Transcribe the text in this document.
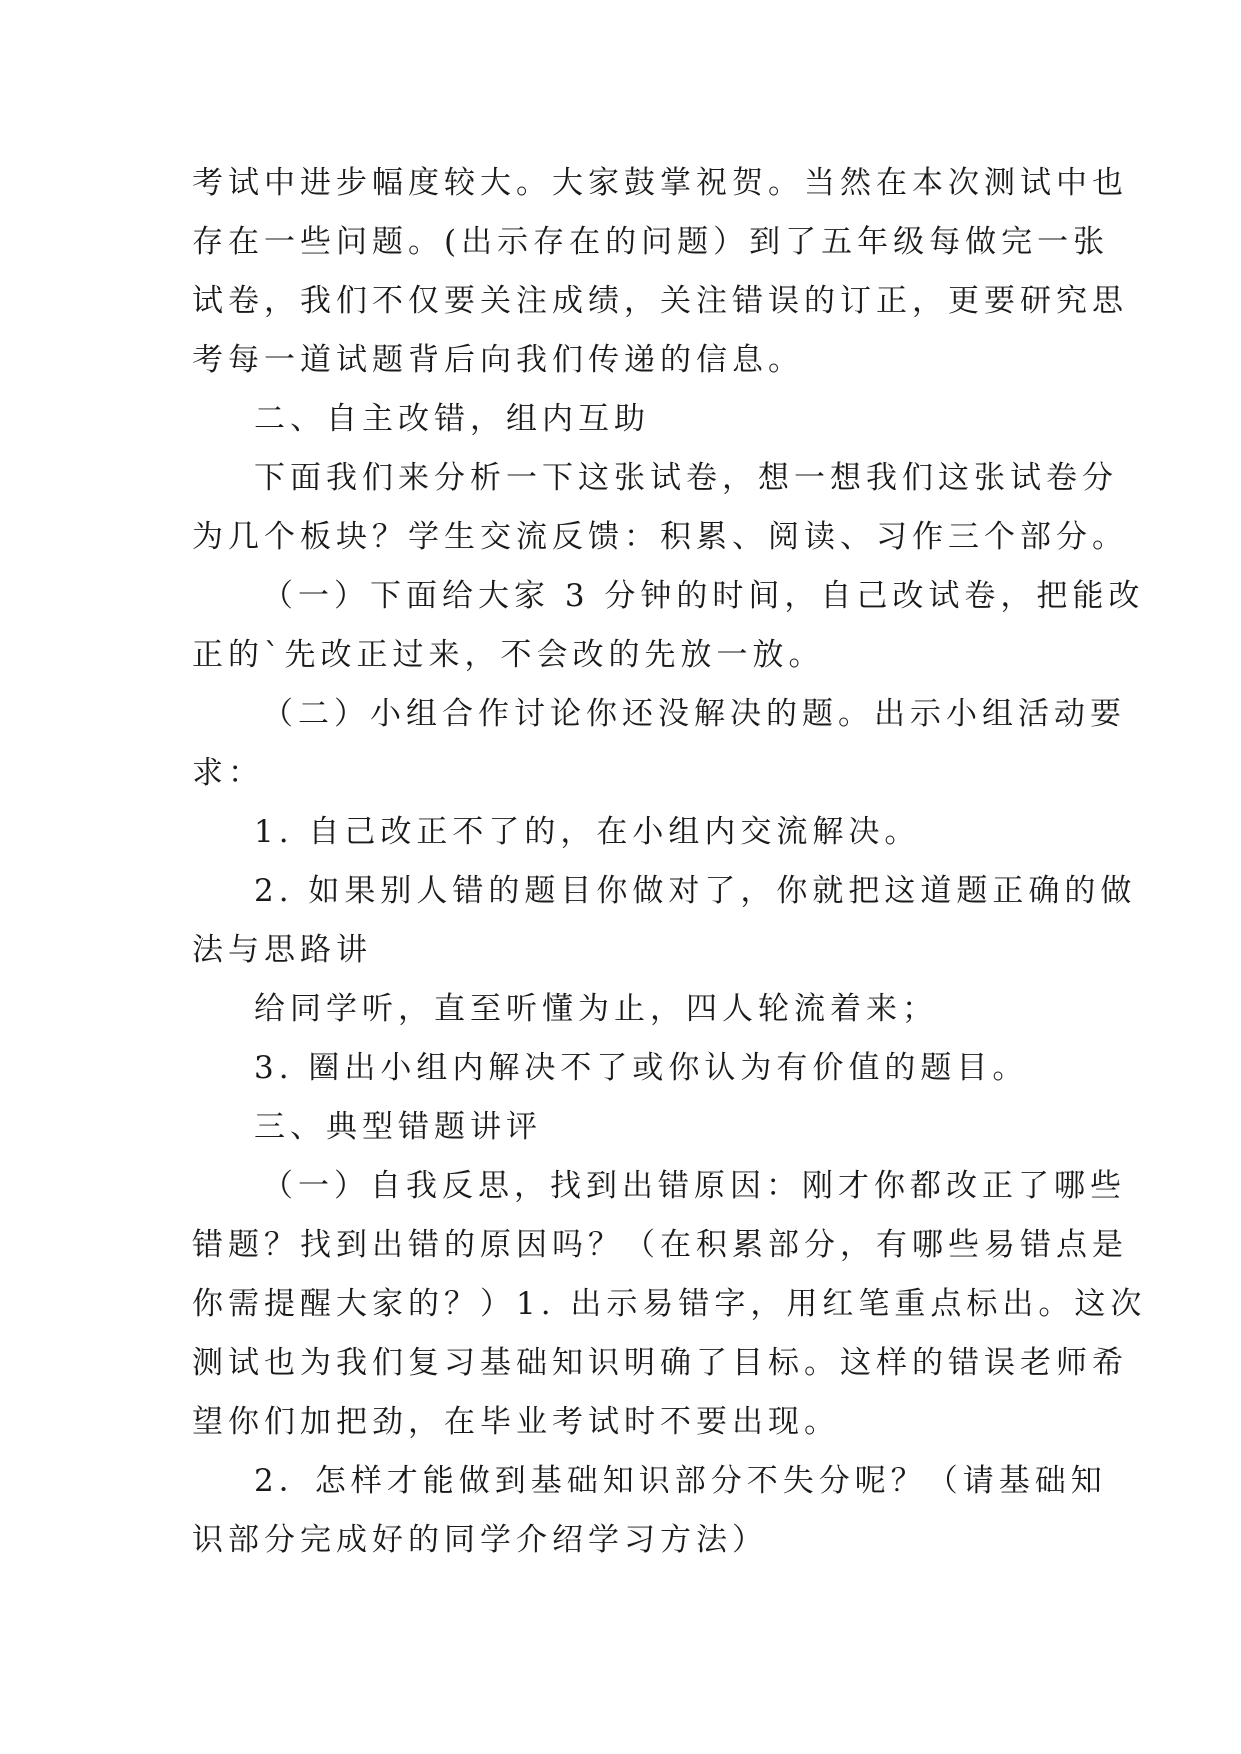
考试中进步幅度较大。大家鼓掌祝贺。当然在本次测试中也
存在一些问题。(出示存在的问题）到了五年级每做完一张
试卷，我们不仅要关注成绩，关注错误的订正，更要研究思
考每一道试题背后向我们传递的信息。
二、自主改错，组内互助
下面我们来分析一下这张试卷，想一想我们这张试卷分
为几个板块？学生交流反馈：积累、阅读、习作三个部分。
（一）下面给大家 3 分钟的时间，自己改试卷，把能改
正的`先改正过来，不会改的先放一放。
（二）小组合作讨论你还没解决的题。出示小组活动要
求：
1. 自己改正不了的，在小组内交流解决。
2. 如果别人错的题目你做对了，你就把这道题正确的做
法与思路讲
给同学听，直至听懂为止，四人轮流着来；
3. 圈出小组内解决不了或你认为有价值的题目。
三、典型错题讲评
（一）自我反思，找到出错原因：刚才你都改正了哪些
错题？找到出错的原因吗？（在积累部分，有哪些易错点是
你需提醒大家的？）1. 出示易错字，用红笔重点标出。这次
测试也为我们复习基础知识明确了目标。这样的错误老师希
望你们加把劲，在毕业考试时不要出现。
2．怎样才能做到基础知识部分不失分呢？（请基础知
识部分完成好的同学介绍学习方法）
